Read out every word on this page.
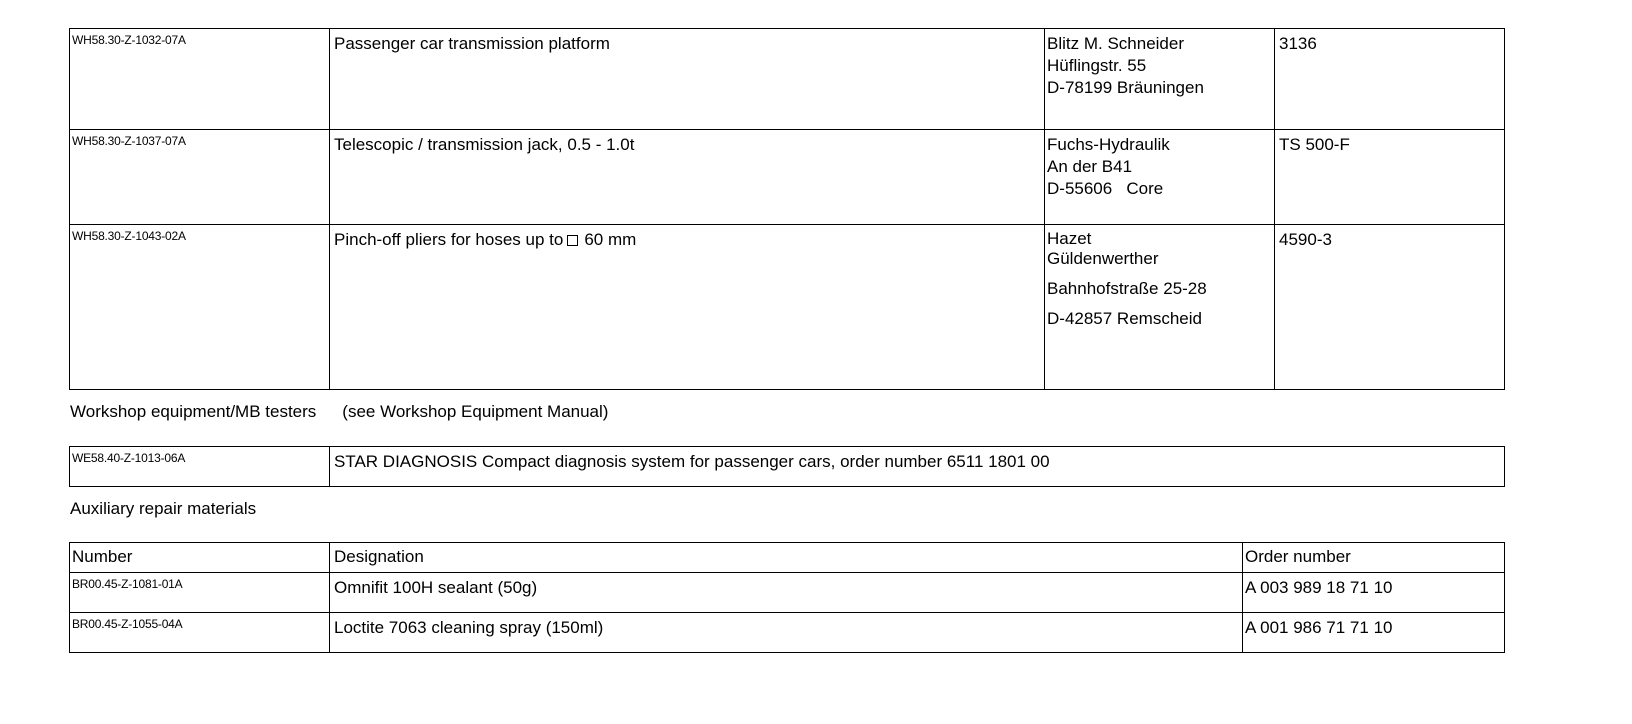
WH58.30-Z-1032-07A	Passenger car transmission platform	Blitz M. Schneider
Hüflingstr. 55
D-78199 Bräuningen	3136
WH58.30-Z-1037-07A	Telescopic / transmission jack, 0.5 - 1.0t	Fuchs-Hydraulik
An der B41
D-55606   Core	TS 500-F
WH58.30-Z-1043-02A	Pinch-off pliers for hoses up to 60 mm	Hazet
Güldenwerther
Bahnhofstraße 25-28
D-42857 Remscheid	4590-3
Workshop equipment/MB testers (see Workshop Equipment Manual)
WE58.40-Z-1013-06A	STAR DIAGNOSIS Compact diagnosis system for passenger cars, order number 6511 1801 00
Auxiliary repair materials
Number	Designation	Order number
BR00.45-Z-1081-01A	Omnifit 100H sealant (50g)	A 003 989 18 71 10
BR00.45-Z-1055-04A	Loctite 7063 cleaning spray (150ml)	A 001 986 71 71 10
